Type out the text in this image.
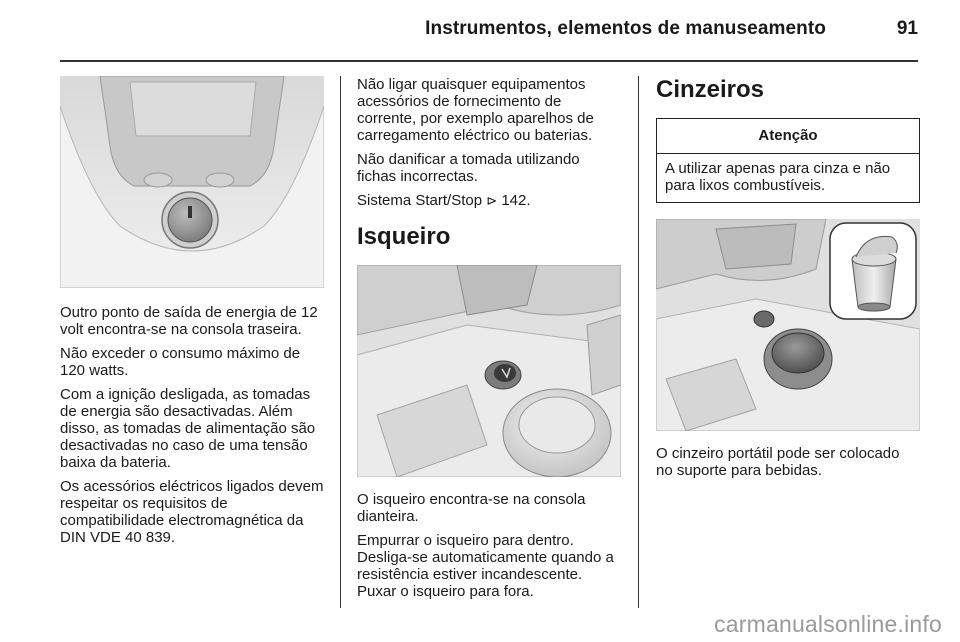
Instrumentos, elementos de manuseamento	91

Outro ponto de saída de energia de 12 volt encontra-se na consola traseira.

Não exceder o consumo máximo de 120 watts.

Com a ignição desligada, as tomadas de energia são desactivadas. Além disso, as tomadas de alimentação são desactivadas no caso de uma tensão baixa da bateria.

Os acessórios eléctricos ligados devem respeitar os requisitos de compatibilidade electromagnética da DIN VDE 40 839.

Não ligar quaisquer equipamentos acessórios de fornecimento de corrente, por exemplo aparelhos de carregamento eléctrico ou baterias.

Não danificar a tomada utilizando fichas incorrectas.

Sistema Start/Stop ⊳ 142.

Isqueiro

O isqueiro encontra-se na consola dianteira.

Empurrar o isqueiro para dentro. Desliga-se automaticamente quando a resistência estiver incandescente. Puxar o isqueiro para fora.

Cinzeiros
Atenção
A utilizar apenas para cinza e não para lixos combustíveis.

O cinzeiro portátil pode ser colocado no suporte para bebidas.

carmanualsonline.info
